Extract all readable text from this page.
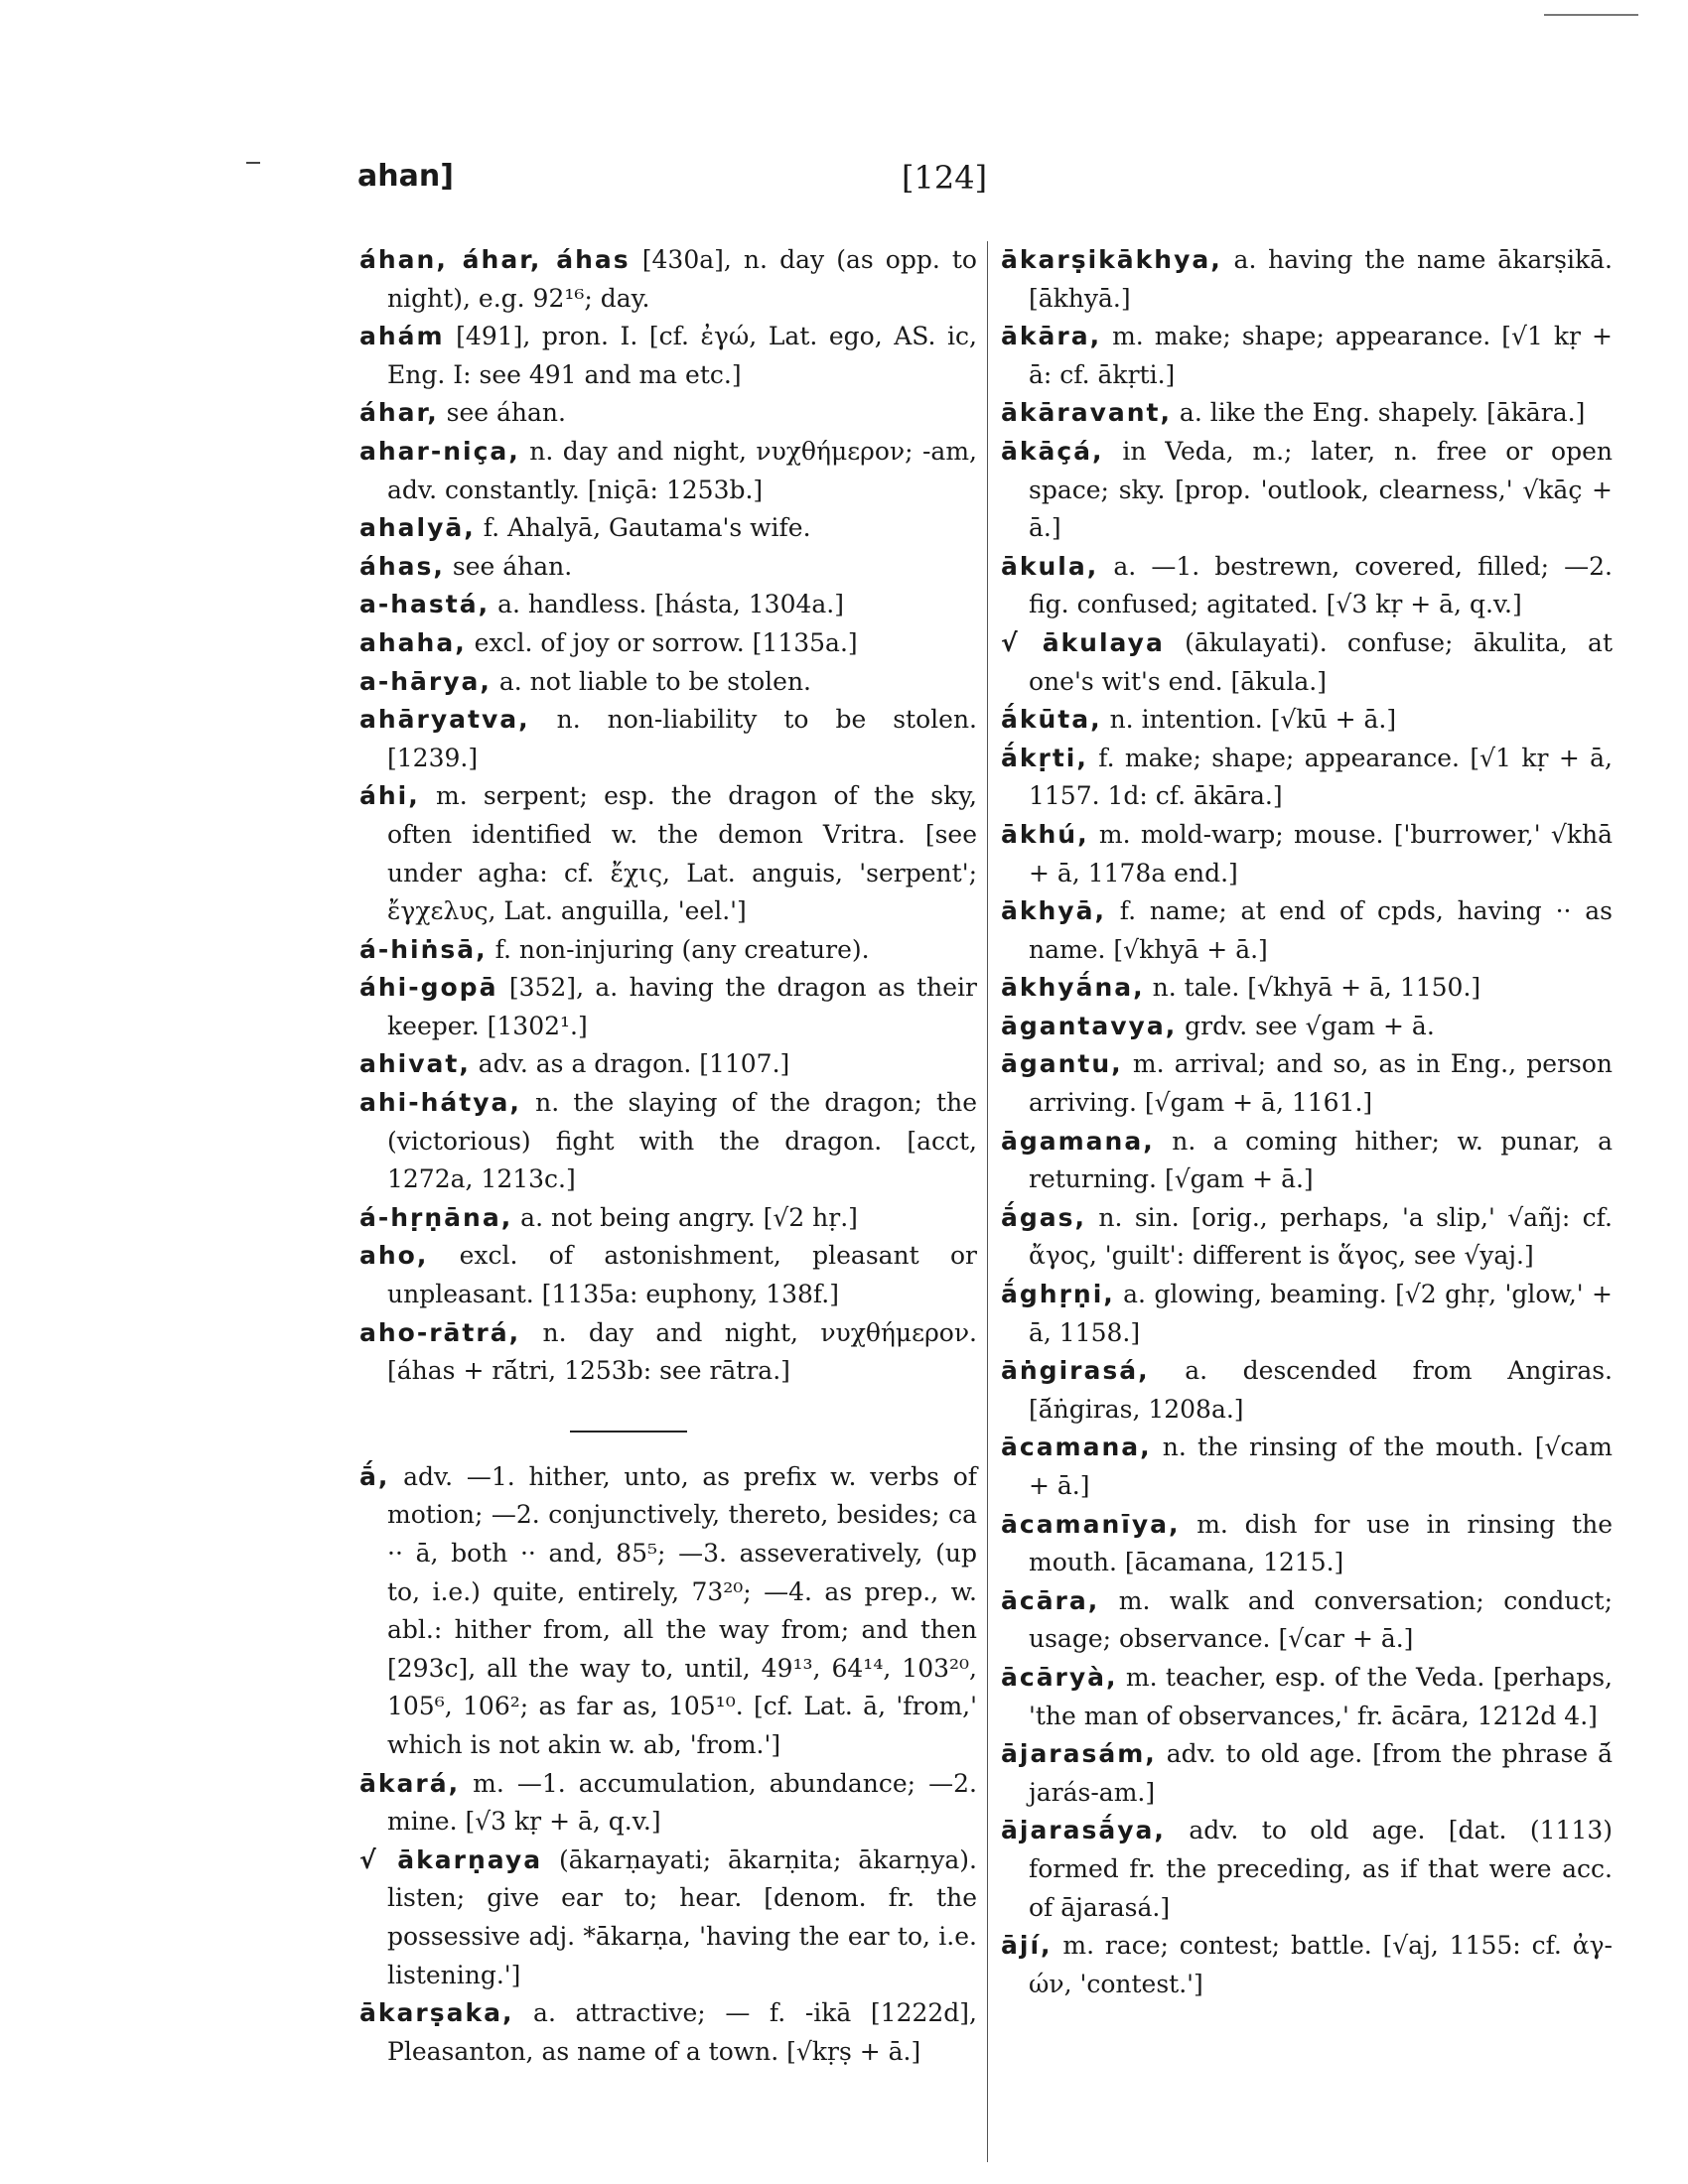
ahan]	[124]

áhan, áhar, áhas [430a], n. day (as opp. to night), e.g. 92¹⁶; day.

ahám [491], pron. I. [cf. ἐγώ, Lat. ego, AS. ic, Eng. I: see 491 and ma etc.]

áhar, see áhan.

ahar-niça, n. day and night, νυχθήμερον; -am, adv. constantly. [niçā: 1253b.]

ahalyā, f. Ahalyā, Gautama's wife.

áhas, see áhan.

a-hastá, a. handless. [hásta, 1304a.]

ahaha, excl. of joy or sorrow. [1135a.]

a-hārya, a. not liable to be stolen.

ahāryatva, n. non-liability to be stolen. [1239.]

áhi, m. serpent; esp. the dragon of the sky, often identified w. the demon Vritra. [see under agha: cf. ἔχις, Lat. anguis, 'serpent'; ἔγχελυς, Lat. anguilla, 'eel.']

á-hiṅsā, f. non-injuring (any creature).

áhi-gopā [352], a. having the dragon as their keeper. [1302¹.]

ahivat, adv. as a dragon. [1107.]

ahi-hátya, n. the slaying of the dragon; the (victorious) fight with the dragon. [acct, 1272a, 1213c.]

á-hṛṇāna, a. not being angry. [√2 hṛ.]

aho, excl. of astonishment, pleasant or unpleasant. [1135a: euphony, 138f.]

aho-rātrá, n. day and night, νυχθήμερον. [áhas + rā́tri, 1253b: see rātra.]

ā́, adv. —1. hither, unto, as prefix w. verbs of motion; —2. conjunctively, thereto, besides; ca ·· ā, both ·· and, 85⁵; —3. asseveratively, (up to, i.e.) quite, entirely, 73²⁰; —4. as prep., w. abl.: hither from, all the way from; and then [293c], all the way to, until, 49¹³, 64¹⁴, 103²⁰, 105⁶, 106²; as far as, 105¹⁰. [cf. Lat. ā, 'from,' which is not akin w. ab, 'from.']

ākará, m. —1. accumulation, abundance; —2. mine. [√3 kṛ + ā, q.v.]

√ ākarṇaya (ākarṇayati; ākarṇita; ākarṇya). listen; give ear to; hear. [denom. fr. the possessive adj. *ākarṇa, 'having the ear to, i.e. listening.']

ākarṣaka, a. attractive; — f. -ikā [1222d], Pleasanton, as name of a town. [√kṛṣ + ā.]

ākarṣikākhya, a. having the name ākarṣikā. [ākhyā.]

ākāra, m. make; shape; appearance. [√1 kṛ + ā: cf. ākṛti.]

ākāravant, a. like the Eng. shapely. [ākāra.]

ākāçá, in Veda, m.; later, n. free or open space; sky. [prop. 'outlook, clearness,' √kāç + ā.]

ākula, a. —1. bestrewn, covered, filled; —2. fig. confused; agitated. [√3 kṛ + ā, q.v.]

√ ākulaya (ākulayati). confuse; ākulita, at one's wit's end. [ākula.]

ā́kūta, n. intention. [√kū + ā.]

ā́kṛti, f. make; shape; appearance. [√1 kṛ + ā, 1157. 1d: cf. ākāra.]

ākhú, m. mold-warp; mouse. ['burrower,' √khā + ā, 1178a end.]

ākhyā, f. name; at end of cpds, having ·· as name. [√khyā + ā.]

ākhyā́na, n. tale. [√khyā + ā, 1150.]

āgantavya, grdv. see √gam + ā.

āgantu, m. arrival; and so, as in Eng., person arriving. [√gam + ā, 1161.]

āgamana, n. a coming hither; w. punar, a returning. [√gam + ā.]

ā́gas, n. sin. [orig., perhaps, 'a slip,' √añj: cf. ἄγος, 'guilt': different is ἅγος, see √yaj.]

ā́ghṛṇi, a. glowing, beaming. [√2 ghṛ, 'glow,' + ā, 1158.]

āṅgirasá, a. descended from Angiras. [ā́ṅgiras, 1208a.]

ācamana, n. the rinsing of the mouth. [√cam + ā.]

ācamanīya, m. dish for use in rinsing the mouth. [ācamana, 1215.]

ācāra, m. walk and conversation; conduct; usage; observance. [√car + ā.]

ācāryà, m. teacher, esp. of the Veda. [perhaps, 'the man of observances,' fr. ācāra, 1212d 4.]

ājarasám, adv. to old age. [from the phrase ā́ jarás-am.]

ājarasā́ya, adv. to old age. [dat. (1113) formed fr. the preceding, as if that were acc. of ājarasá.]

ājí, m. race; contest; battle. [√aj, 1155: cf. ἀγ-ών, 'contest.']
